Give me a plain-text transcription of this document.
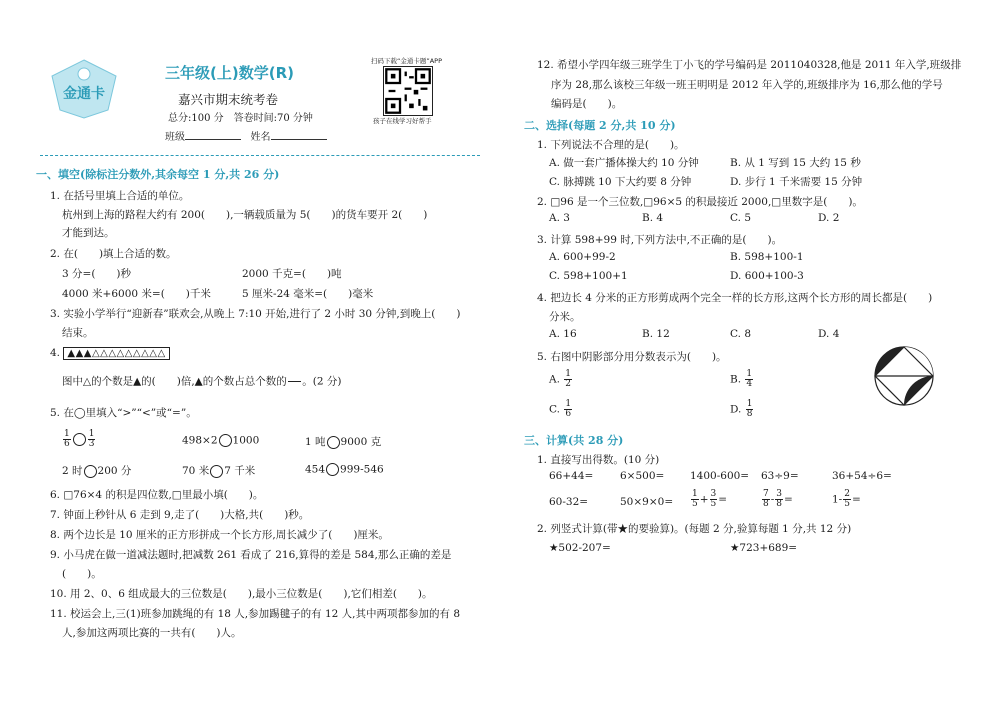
金通卡
三年级(上)数学(R)
嘉兴市期末统考卷
总分:100 分　答卷时间:70 分钟
班级	姓名
扫码下载“金通卡题”APP
孩子在线学习好帮手
一、填空(除标注分数外,其余每空 1 分,共 26 分)
1. 在括号里填上合适的单位。
杭州到上海的路程大约有 200(　　),一辆载质量为 5(　　)的货车要开 2(　　)
才能到达。
2. 在(　　)填上合适的数。
3 分=(　　)秒	2000 千克=(　　)吨
4000 米+6000 米=(　　)千米	5 厘米-24 毫米=(　　)毫米
3. 实验小学举行“迎新春”联欢会,从晚上 7:10 开始,进行了 2 小时 30 分钟,到晚上(　　)
结束。
4. ▲▲▲△△△△△△△△△
图中△的个数是▲的(　　)倍,▲的个数占总个数的

。(2 分)
5. 在◯里填入“>”“<”或“=”。
$\frac{1}{6} \frac{1}{3}$	498×2 1000	1 吨 9000 克
2 时 200 分	70 米 7 千米	454 999-546
6. □76×4 的积是四位数,□里最小填(　　)。
7. 钟面上秒针从 6 走到 9,走了(　　)大格,共(　　)秒。
8. 两个边长是 10 厘米的正方形拼成一个长方形,周长减少了(　　)厘米。
9. 小马虎在做一道减法题时,把减数 261 看成了 216,算得的差是 584,那么正确的差是
(　　)。
10. 用 2、0、6 组成最大的三位数是(　　),最小三位数是(　　),它们相差(　　)。
11. 校运会上,三(1)班参加跳绳的有 18 人,参加踢毽子的有 12 人,其中两项都参加的有 8
人,参加这两项比赛的一共有(　　)人。
12. 希望小学四年级三班学生丁小飞的学号编码是 2011040328,他是 2011 年入学,班级排
序为 28,那么该校三年级一班王明明是 2012 年入学的,班级排序为 16,那么他的学号
编码是(　　)。
二、选择(每题 2 分,共 10 分)
1. 下列说法不合理的是(　　)。
A. 做一套广播体操大约 10 分钟	B. 从 1 写到 15 大约 15 秒
C. 脉搏跳 10 下大约要 8 分钟	D. 步行 1 千米需要 15 分钟
2. □96 是一个三位数,□96×5 的积最接近 2000,□里数字是(　　)。
A. 3	B. 4	C. 5	D. 2
3. 计算 598+99 时,下列方法中,不正确的是(　　)。
A. 600+99-2	B. 598+100-1
C. 598+100+1	D. 600+100-3
4. 把边长 4 分米的正方形剪成两个完全一样的长方形,这两个长方形的周长都是(　　)
分米。
A. 16	B. 12	C. 8	D. 4
5. 右图中阴影部分用分数表示为(　　)。
A. $\frac{1}{2}$	B. $\frac{1}{4}$
C. $\frac{1}{6}$	D. $\frac{1}{8}$
三、计算(共 28 分)
1. 直接写出得数。(10 分)
66+44=	6×500= 1400-600= 63÷9=	36+54÷6=
60-32=	$50\times 9\times 0= \frac{1}{5} + \frac{3}{5}$ =	$\frac{7}{8} - \frac{3}{8}$ =	$1- \frac{2}{5}$ =
2. 列竖式计算(带★的要验算)。(每题 2 分,验算每题 1 分,共 12 分)
★502-207=	★723+689=
